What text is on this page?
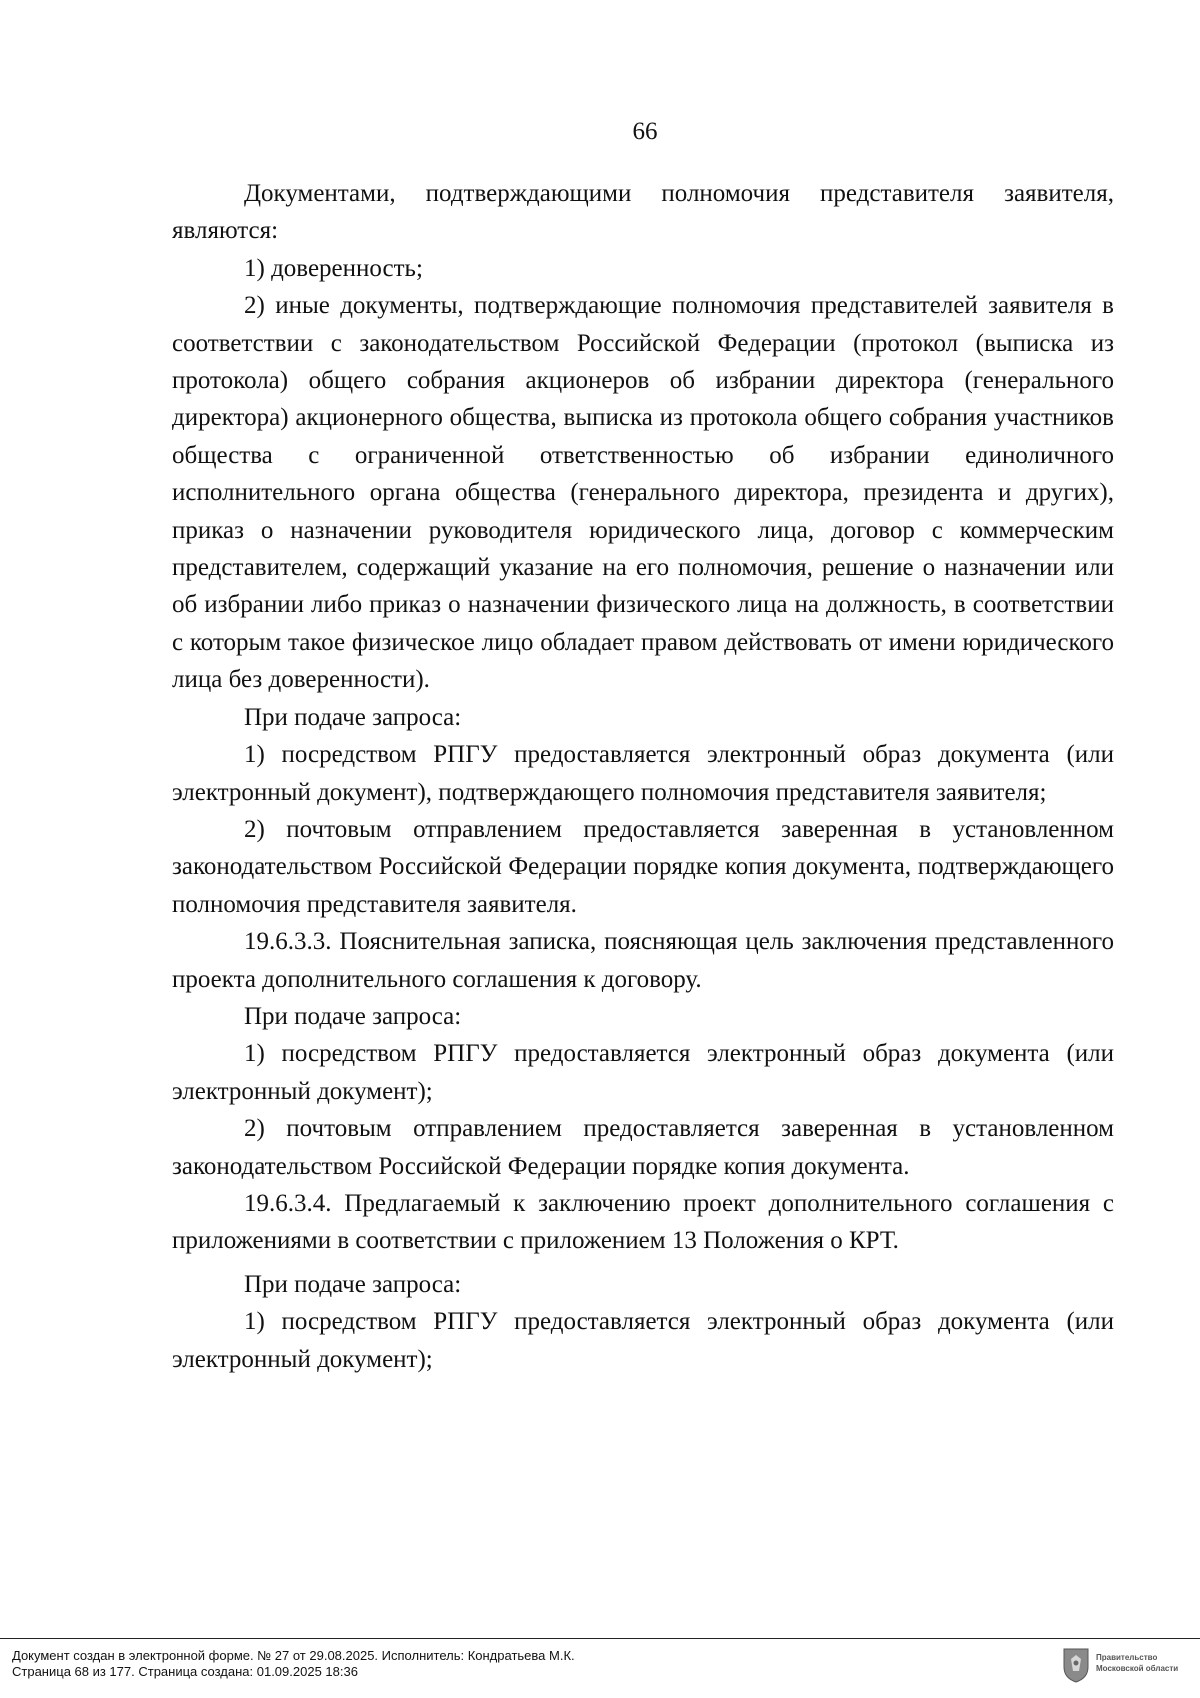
66

Документами, подтверждающими полномочия представителя заявителя, являются:

1) доверенность;

2) иные документы, подтверждающие полномочия представителей заявителя в соответствии с законодательством Российской Федерации (протокол (выписка из протокола) общего собрания акционеров об избрании директора (генерального директора) акционерного общества, выписка из протокола общего собрания участников общества с ограниченной ответственностью об избрании единоличного исполнительного органа общества (генерального директора, президента и других), приказ о назначении руководителя юридического лица, договор с коммерческим представителем, содержащий указание на его полномочия, решение о назначении или об избрании либо приказ о назначении физического лица на должность, в соответствии с которым такое физическое лицо обладает правом действовать от имени юридического лица без доверенности).

При подаче запроса:

1) посредством РПГУ предоставляется электронный образ документа (или электронный документ), подтверждающего полномочия представителя заявителя;

2) почтовым отправлением предоставляется заверенная в установленном законодательством Российской Федерации порядке копия документа, подтверждающего полномочия представителя заявителя.

19.6.3.3. Пояснительная записка, поясняющая цель заключения представленного проекта дополнительного соглашения к договору.

При подаче запроса:

1) посредством РПГУ предоставляется электронный образ документа (или электронный документ);

2) почтовым отправлением предоставляется заверенная в установленном законодательством Российской Федерации порядке копия документа.

19.6.3.4. Предлагаемый к заключению проект дополнительного соглашения с приложениями в соответствии с приложением 13 Положения о КРТ.

При подаче запроса:

1) посредством РПГУ предоставляется электронный образ документа (или электронный документ);

Документ создан в электронной форме. № 27 от 29.08.2025. Исполнитель: Кондратьева М.К.
Страница 68 из 177. Страница создана: 01.09.2025 18:36
Правительство
Московской области
